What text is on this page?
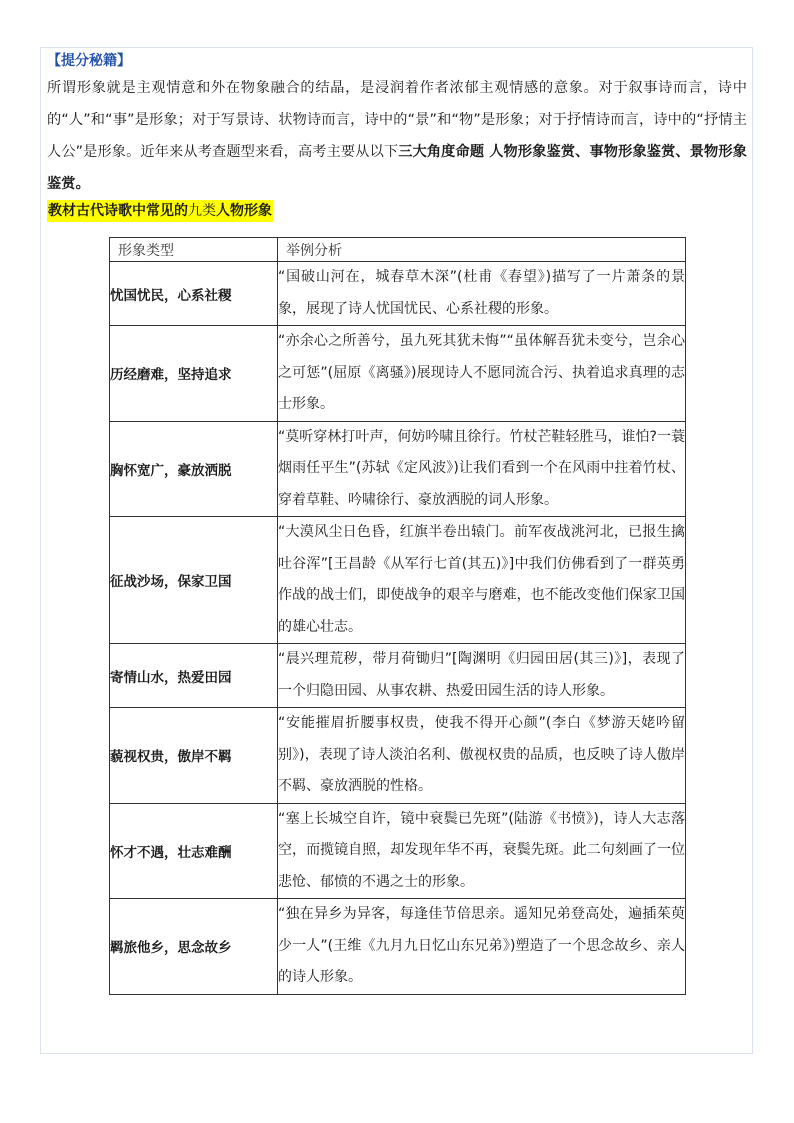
【提分秘籍】

所谓形象就是主观情意和外在物象融合的结晶，是浸润着作者浓郁主观情感的意象。对于叙事诗而言，诗中的“人”和“事”是形象；对于写景诗、状物诗而言，诗中的“景”和“物”是形象；对于抒情诗而言，诗中的“抒情主人公”是形象。近年来从考查题型来看，高考主要从以下三大角度命题 人物形象鉴赏、事物形象鉴赏、景物形象鉴赏。

教材古代诗歌中常见的九类人物形象
形象类型	举例分析
忧国忧民，心系社稷	“国破山河在，城春草木深”(杜甫《春望》)描写了一片萧条的景象，展现了诗人忧国忧民、心系社稷的形象。
历经磨难，坚持追求	“亦余心之所善兮，虽九死其犹未悔”“虽体解吾犹未变兮，岂余心之可惩”(屈原《离骚》)展现诗人不愿同流合污、执着追求真理的志士形象。
胸怀宽广，豪放洒脱	“莫听穿林打叶声，何妨吟啸且徐行。竹杖芒鞋轻胜马，谁怕?一蓑烟雨任平生”(苏轼《定风波》)让我们看到一个在风雨中拄着竹杖、穿着草鞋、吟啸徐行、豪放洒脱的词人形象。
征战沙场，保家卫国	“大漠风尘日色昏，红旗半卷出辕门。前军夜战洮河北，已报生擒吐谷浑”[王昌龄《从军行七首(其五)》]中我们仿佛看到了一群英勇作战的战士们，即使战争的艰辛与磨难，也不能改变他们保家卫国的雄心壮志。
寄情山水，热爱田园	“晨兴理荒秽，带月荷锄归”[陶渊明《归园田居(其三)》]，表现了一个归隐田园、从事农耕、热爱田园生活的诗人形象。
藐视权贵，傲岸不羁	“安能摧眉折腰事权贵，使我不得开心颜”(李白《梦游天姥吟留别》)，表现了诗人淡泊名利、傲视权贵的品质，也反映了诗人傲岸不羁、豪放洒脱的性格。
怀才不遇，壮志难酬	“塞上长城空自许，镜中衰鬓已先斑”(陆游《书愤》)，诗人大志落空，而揽镜自照，却发现年华不再，衰鬓先斑。此二句刻画了一位悲怆、郁愤的不遇之士的形象。
羁旅他乡，思念故乡	“独在异乡为异客，每逢佳节倍思亲。遥知兄弟登高处，遍插茱萸少一人”(王维《九月九日忆山东兄弟》)塑造了一个思念故乡、亲人的诗人形象。
